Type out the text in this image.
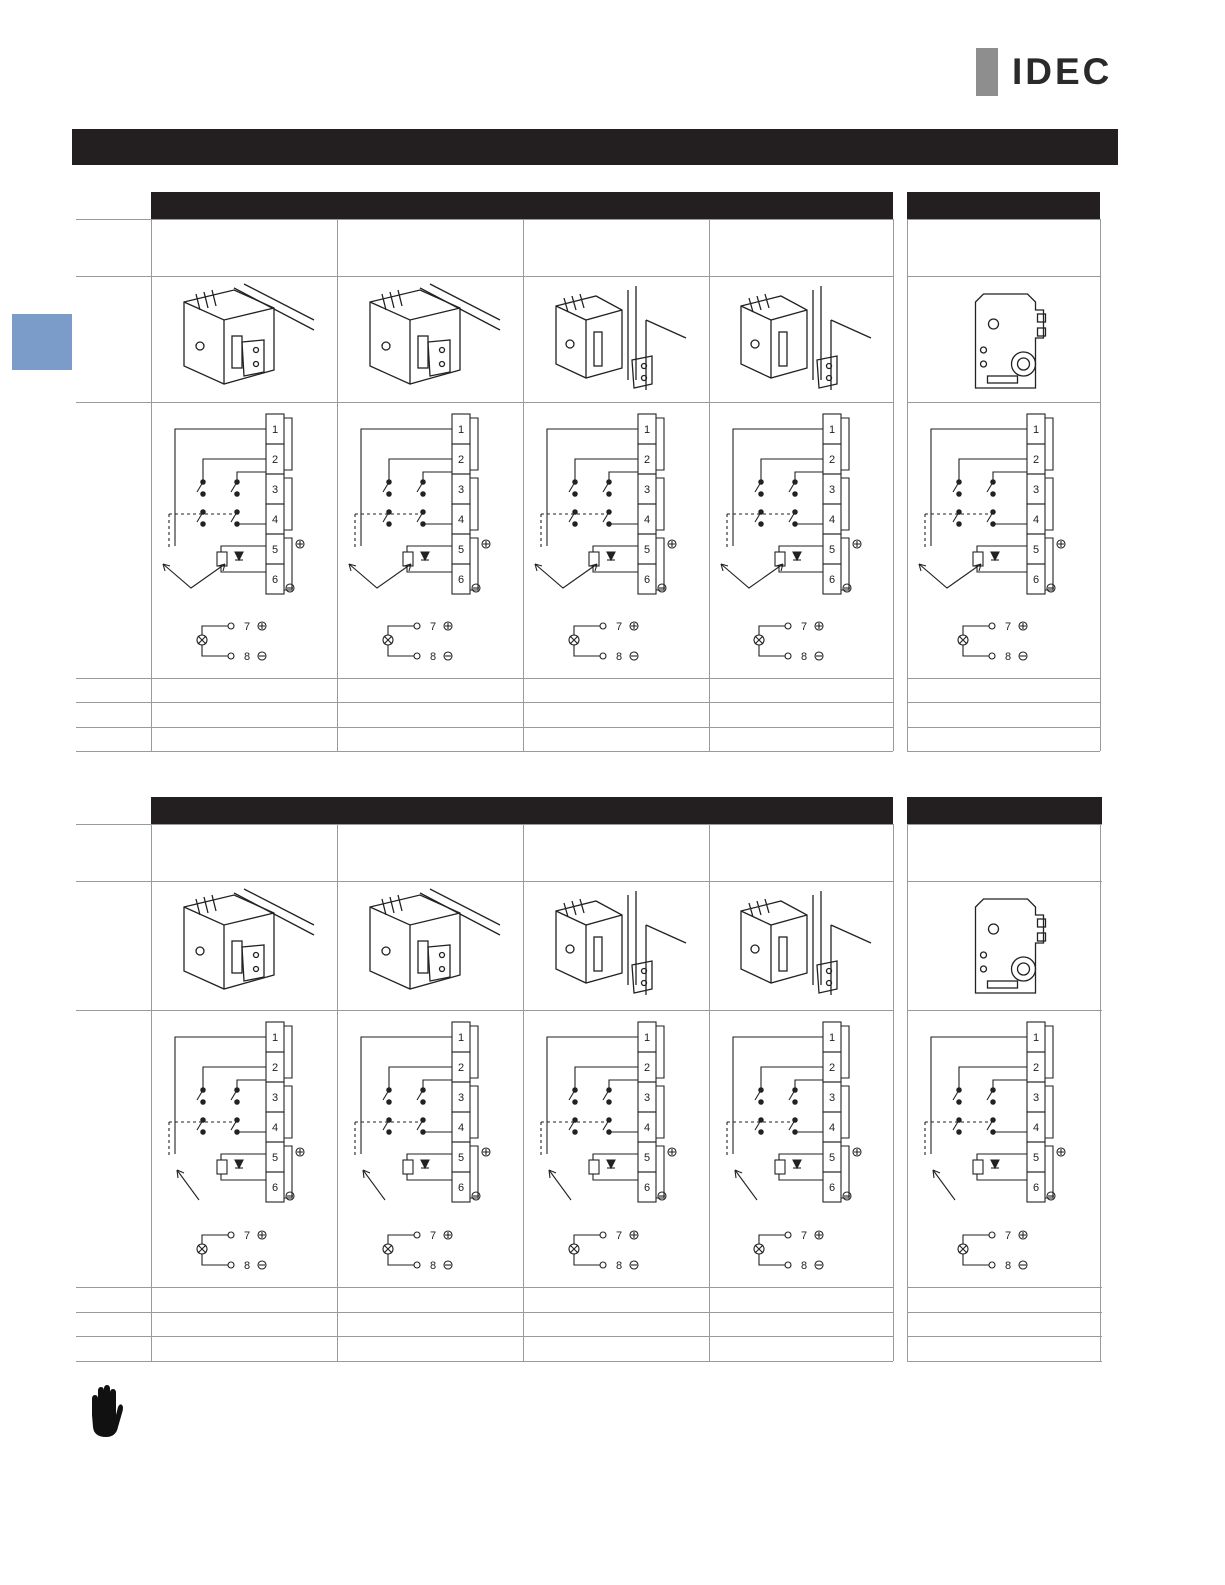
IDEC
1
2
3
4
5
6
7
8
1
2
3
4
5
6
7
8
1
2
3
4
5
6
7
8
1
2
3
4
5
6
7
8
1
2
3
4
5
6
7
8
1
2
3
4
5
6
7
8
1
2
3
4
5
6
7
8
1
2
3
4
5
6
7
8
1
2
3
4
5
6
7
8
1
2
3
4
5
6
7
8
